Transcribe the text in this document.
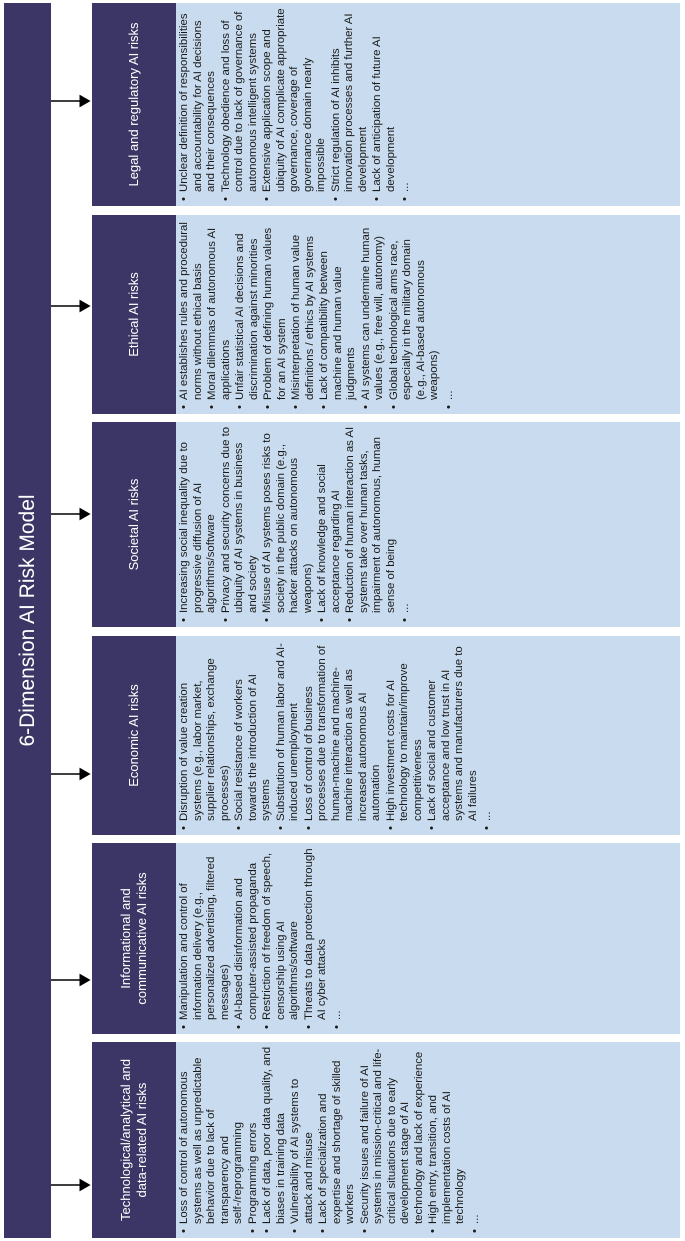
6-Dimension AI Risk Model
Technological/analytical and data-related AI risks	• Loss of control of autonomous systems as well as unpredictable behavior due to lack of transparency and self-/reprogramming • Programming errors • Lack of data, poor data quality, and biases in training data • Vulnerability of AI systems to attack and misuse • Lack of specialization and expertise and shortage of skilled workers • Security issues and failure of AI systems in mission-critical and life-critical situations due to early development stage of AI technology and lack of experience • High entry, transition, and implementation costs of AI technology • ...
Informational and communicative AI risks	• Manipulation and control of information delivery (e.g., personalized advertising, filtered messages) • AI-based disinformation and computer-assisted propaganda • Restriction of freedom of speech, censorship using AI algorithms/software • Threats to data protection through AI cyber attacks • ...
Economic AI risks	• Disruption of value creation systems (e.g., labor market, supplier relationships, exchange processes) • Social resistance of workers towards the introduction of AI systems • Substitution of human labor and AI-induced unemployment • Loss of control of business processes due to transformation of human-machine and machine-machine interaction as well as increased autonomous AI automation • High investment costs for AI technology to maintain/improve competitiveness • Lack of social and customer acceptance and low trust in AI systems and manufacturers due to AI failures • ...
Societal AI risks	• Increasing social inequality due to progressive diffusion of AI algorithms/software • Privacy and security concerns due to ubiquity of AI systems in business and society • Misuse of AI systems poses risks to society in the public domain (e.g., hacker attacks on autonomous weapons) • Lack of knowledge and social acceptance regarding AI • Reduction of human interaction as AI systems take over human tasks, impairment of autonomous, human sense of being • ...
Ethical AI risks	• AI establishes rules and procedural norms without ethical basis • Moral dilemmas of autonomous AI applications • Unfair statistical AI decisions and discrimination against minorities • Problem of defining human values for an AI system • Misinterpretation of human value definitions / ethics by AI systems • Lack of compatibility between machine and human value judgments • AI systems can undermine human values (e.g., free will, autonomy) • Global technological arms race, especially in the military domain (e.g., AI-based autonomous weapons) • ...
Legal and regulatory AI risks	• Unclear definition of responsibilities and accountability for AI decisions and their consequences • Technology obedience and loss of control due to lack of governance of autonomous intelligent systems • Extensive application scope and ubiquity of AI complicate appropriate governance, coverage of governance domain nearly impossible • Strict regulation of AI inhibits innovation processes and further AI development • Lack of anticipation of future AI development • ...
